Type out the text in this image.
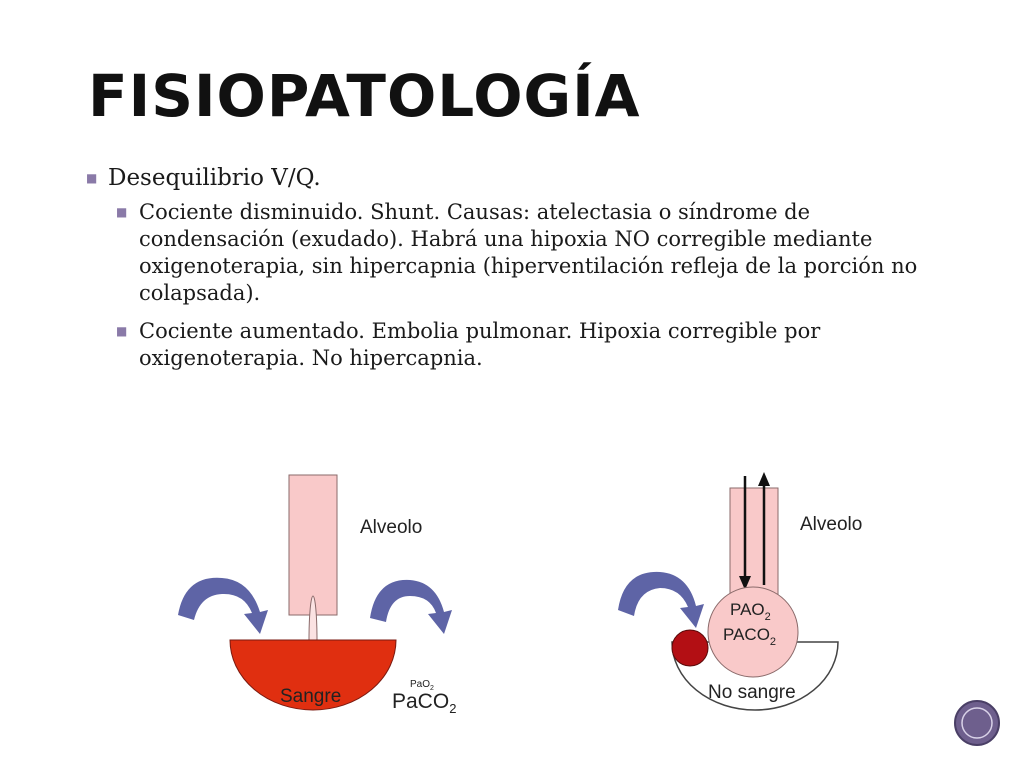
FISIOPATOLOGÍA
■ Desequilibrio V/Q.
■ Cociente disminuido. Shunt. Causas: atelectasia o síndrome de condensación (exudado). Habrá una hipoxia NO corregible mediante oxigenoterapia, sin hipercapnia (hiperventilación refleja de la porción no colapsada).
■ Cociente aumentado. Embolia pulmonar. Hipoxia corregible por oxigenoterapia. No hipercapnia.
Alveolo
Sangre
PaO$_2$
PaCO$_2$
Alveolo
$PAO_2$
$PACO_2$
No sangre
